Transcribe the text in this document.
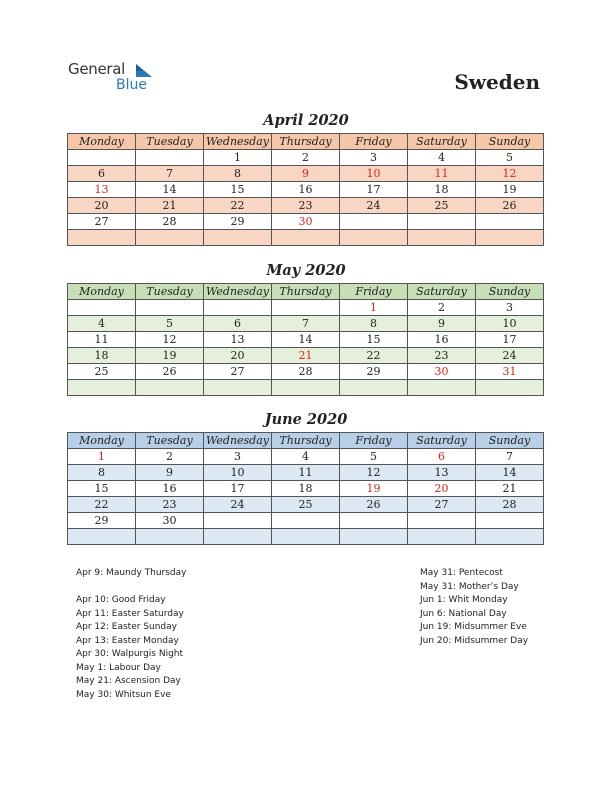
General
Blue	Sweden
April 2020
Monday	Tuesday	Wednesday	Thursday	Friday	Saturday	Sunday
		1	2	3	4	5
6	7	8	9	10	11	12
13	14	15	16	17	18	19
20	21	22	23	24	25	26
27	28	29	30			

May 2020
Monday	Tuesday	Wednesday	Thursday	Friday	Saturday	Sunday
				1	2	3
4	5	6	7	8	9	10
11	12	13	14	15	16	17
18	19	20	21	22	23	24
25	26	27	28	29	30	31

June 2020
Monday	Tuesday	Wednesday	Thursday	Friday	Saturday	Sunday
1	2	3	4	5	6	7
8	9	10	11	12	13	14
15	16	17	18	19	20	21
22	23	24	25	26	27	28
29	30					

Apr 9: Maundy Thursday
Apr 10: Good Friday
Apr 11: Easter Saturday
Apr 12: Easter Sunday
Apr 13: Easter Monday
Apr 30: Walpurgis Night
May 1: Labour Day
May 21: Ascension Day
May 30: Whitsun Eve
May 31: Pentecost
May 31: Mother’s Day
Jun 1: Whit Monday
Jun 6: National Day
Jun 19: Midsummer Eve
Jun 20: Midsummer Day
